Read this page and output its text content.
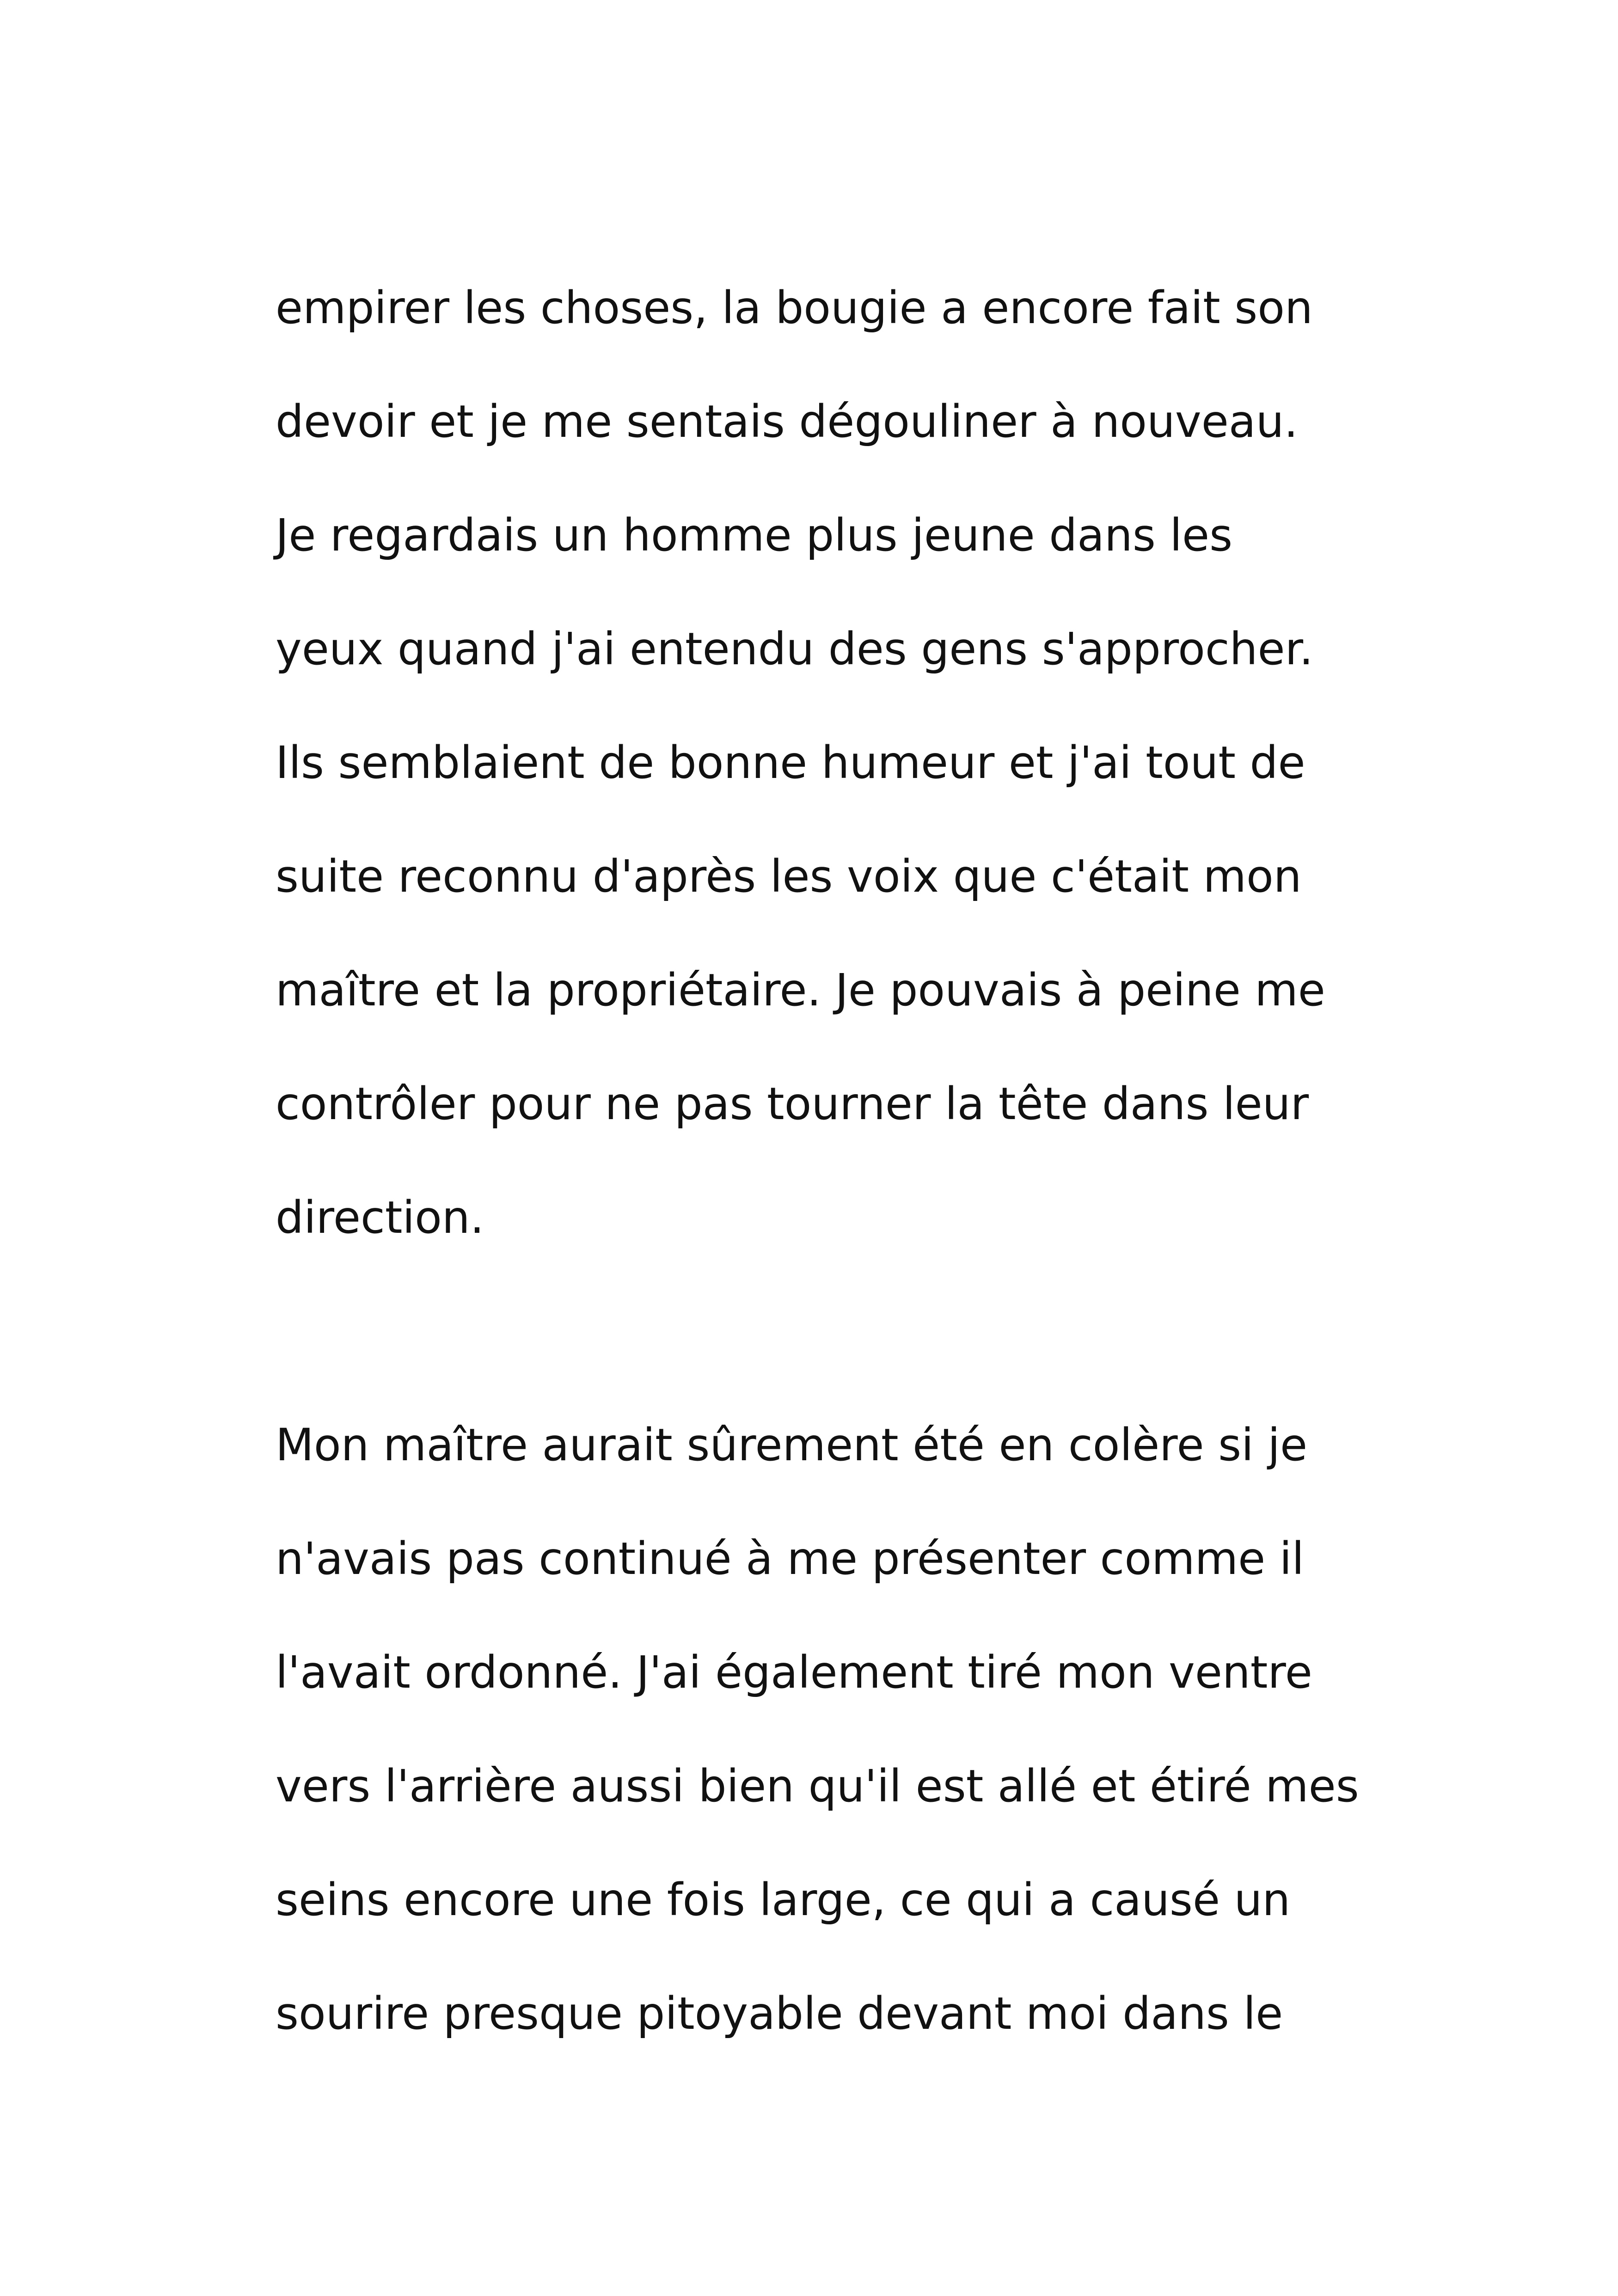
empirer les choses, la bougie a encore fait son
devoir et je me sentais dégouliner à nouveau.
Je regardais un homme plus jeune dans les
yeux quand j'ai entendu des gens s'approcher.
Ils semblaient de bonne humeur et j'ai tout de
suite reconnu d'après les voix que c'était mon
maître et la propriétaire. Je pouvais à peine me
contrôler pour ne pas tourner la tête dans leur
direction.
Mon maître aurait sûrement été en colère si je
n'avais pas continué à me présenter comme il
l'avait ordonné. J'ai également tiré mon ventre
vers l'arrière aussi bien qu'il est allé et étiré mes
seins encore une fois large, ce qui a causé un
sourire presque pitoyable devant moi dans le
